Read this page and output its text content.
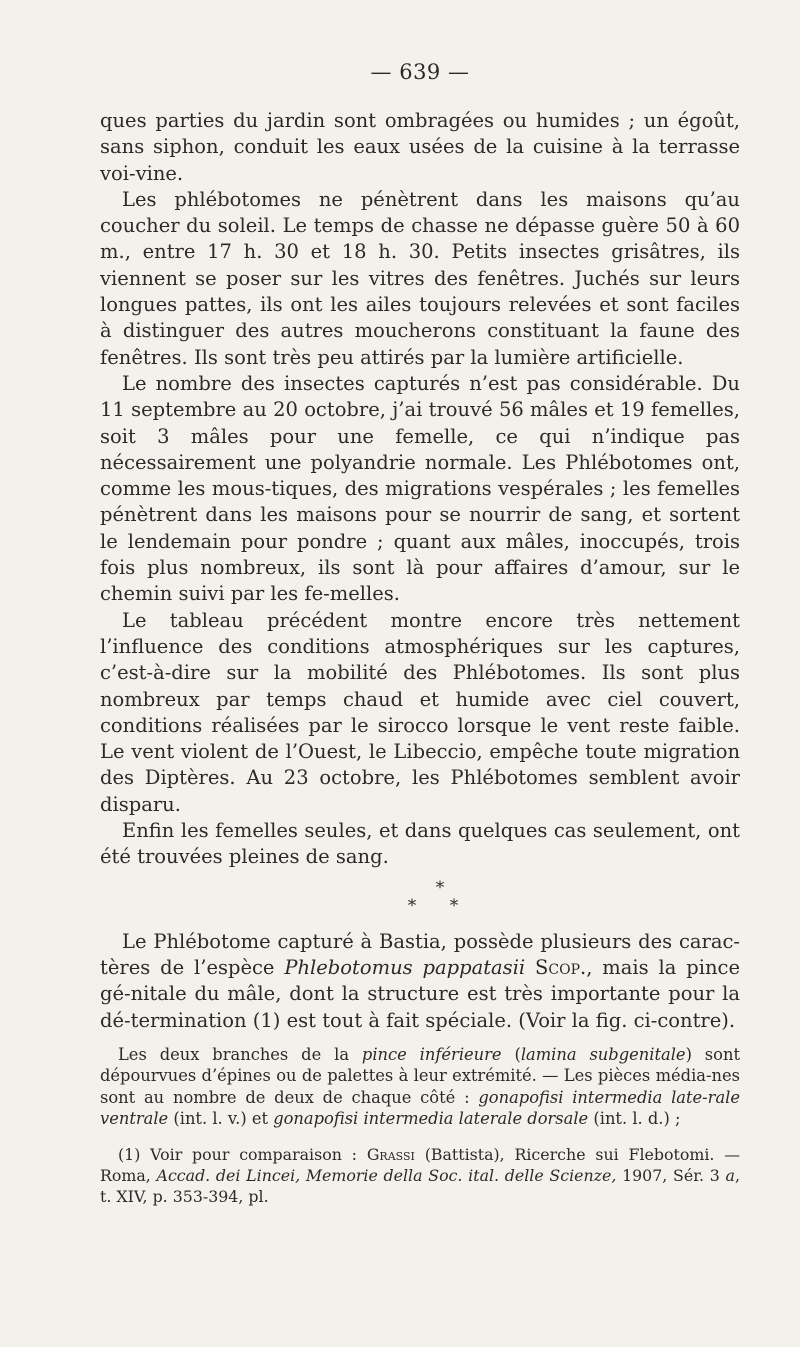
— 639 —

ques parties du jardin sont ombragées ou humides ; un égoût, sans siphon, conduit les eaux usées de la cuisine à la terrasse voi-vine.

Les phlébotomes ne pénètrent dans les maisons qu’au coucher du soleil. Le temps de chasse ne dépasse guère 50 à 60 m., entre 17 h. 30 et 18 h. 30. Petits insectes grisâtres, ils viennent se poser sur les vitres des fenêtres. Juchés sur leurs longues pattes, ils ont les ailes toujours relevées et sont faciles à distinguer des autres moucherons constituant la faune des fenêtres. Ils sont très peu attirés par la lumière artificielle.

Le nombre des insectes capturés n’est pas considérable. Du 11 septembre au 20 octobre, j’ai trouvé 56 mâles et 19 femelles, soit 3 mâles pour une femelle, ce qui n’indique pas nécessairement une polyandrie normale. Les Phlébotomes ont, comme les mous-tiques, des migrations vespérales ; les femelles pénètrent dans les maisons pour se nourrir de sang, et sortent le lendemain pour pondre ; quant aux mâles, inoccupés, trois fois plus nombreux, ils sont là pour affaires d’amour, sur le chemin suivi par les fe-melles.

Le tableau précédent montre encore très nettement l’influence des conditions atmosphériques sur les captures, c’est-à-dire sur la mobilité des Phlébotomes. Ils sont plus nombreux par temps chaud et humide avec ciel couvert, conditions réalisées par le sirocco lorsque le vent reste faible. Le vent violent de l’Ouest, le Libeccio, empêche toute migration des Diptères. Au 23 octobre, les Phlébotomes semblent avoir disparu.

Enfin les femelles seules, et dans quelques cas seulement, ont été trouvées pleines de sang.

*
* *

Le Phlébotome capturé à Bastia, possède plusieurs des carac-tères de l’espèce Phlebotomus pappatasii Scop., mais la pince gé-nitale du mâle, dont la structure est très importante pour la dé-termination (1) est tout à fait spéciale. (Voir la fig. ci-contre).

Les deux branches de la pince inférieure (lamina subgenitale) sont dépourvues d’épines ou de palettes à leur extrémité. — Les pièces média-nes sont au nombre de deux de chaque côté : gonapofisi intermedia late-rale ventrale (int. l. v.) et gonapofisi intermedia laterale dorsale (int. l. d.) ;

(1) Voir pour comparaison : Grassi (Battista), Ricerche sui Flebotomi. — Roma, Accad. dei Lincei, Memorie della Soc. ital. delle Scienze, 1907, Sér. 3 a, t. XIV, p. 353-394, pl.
